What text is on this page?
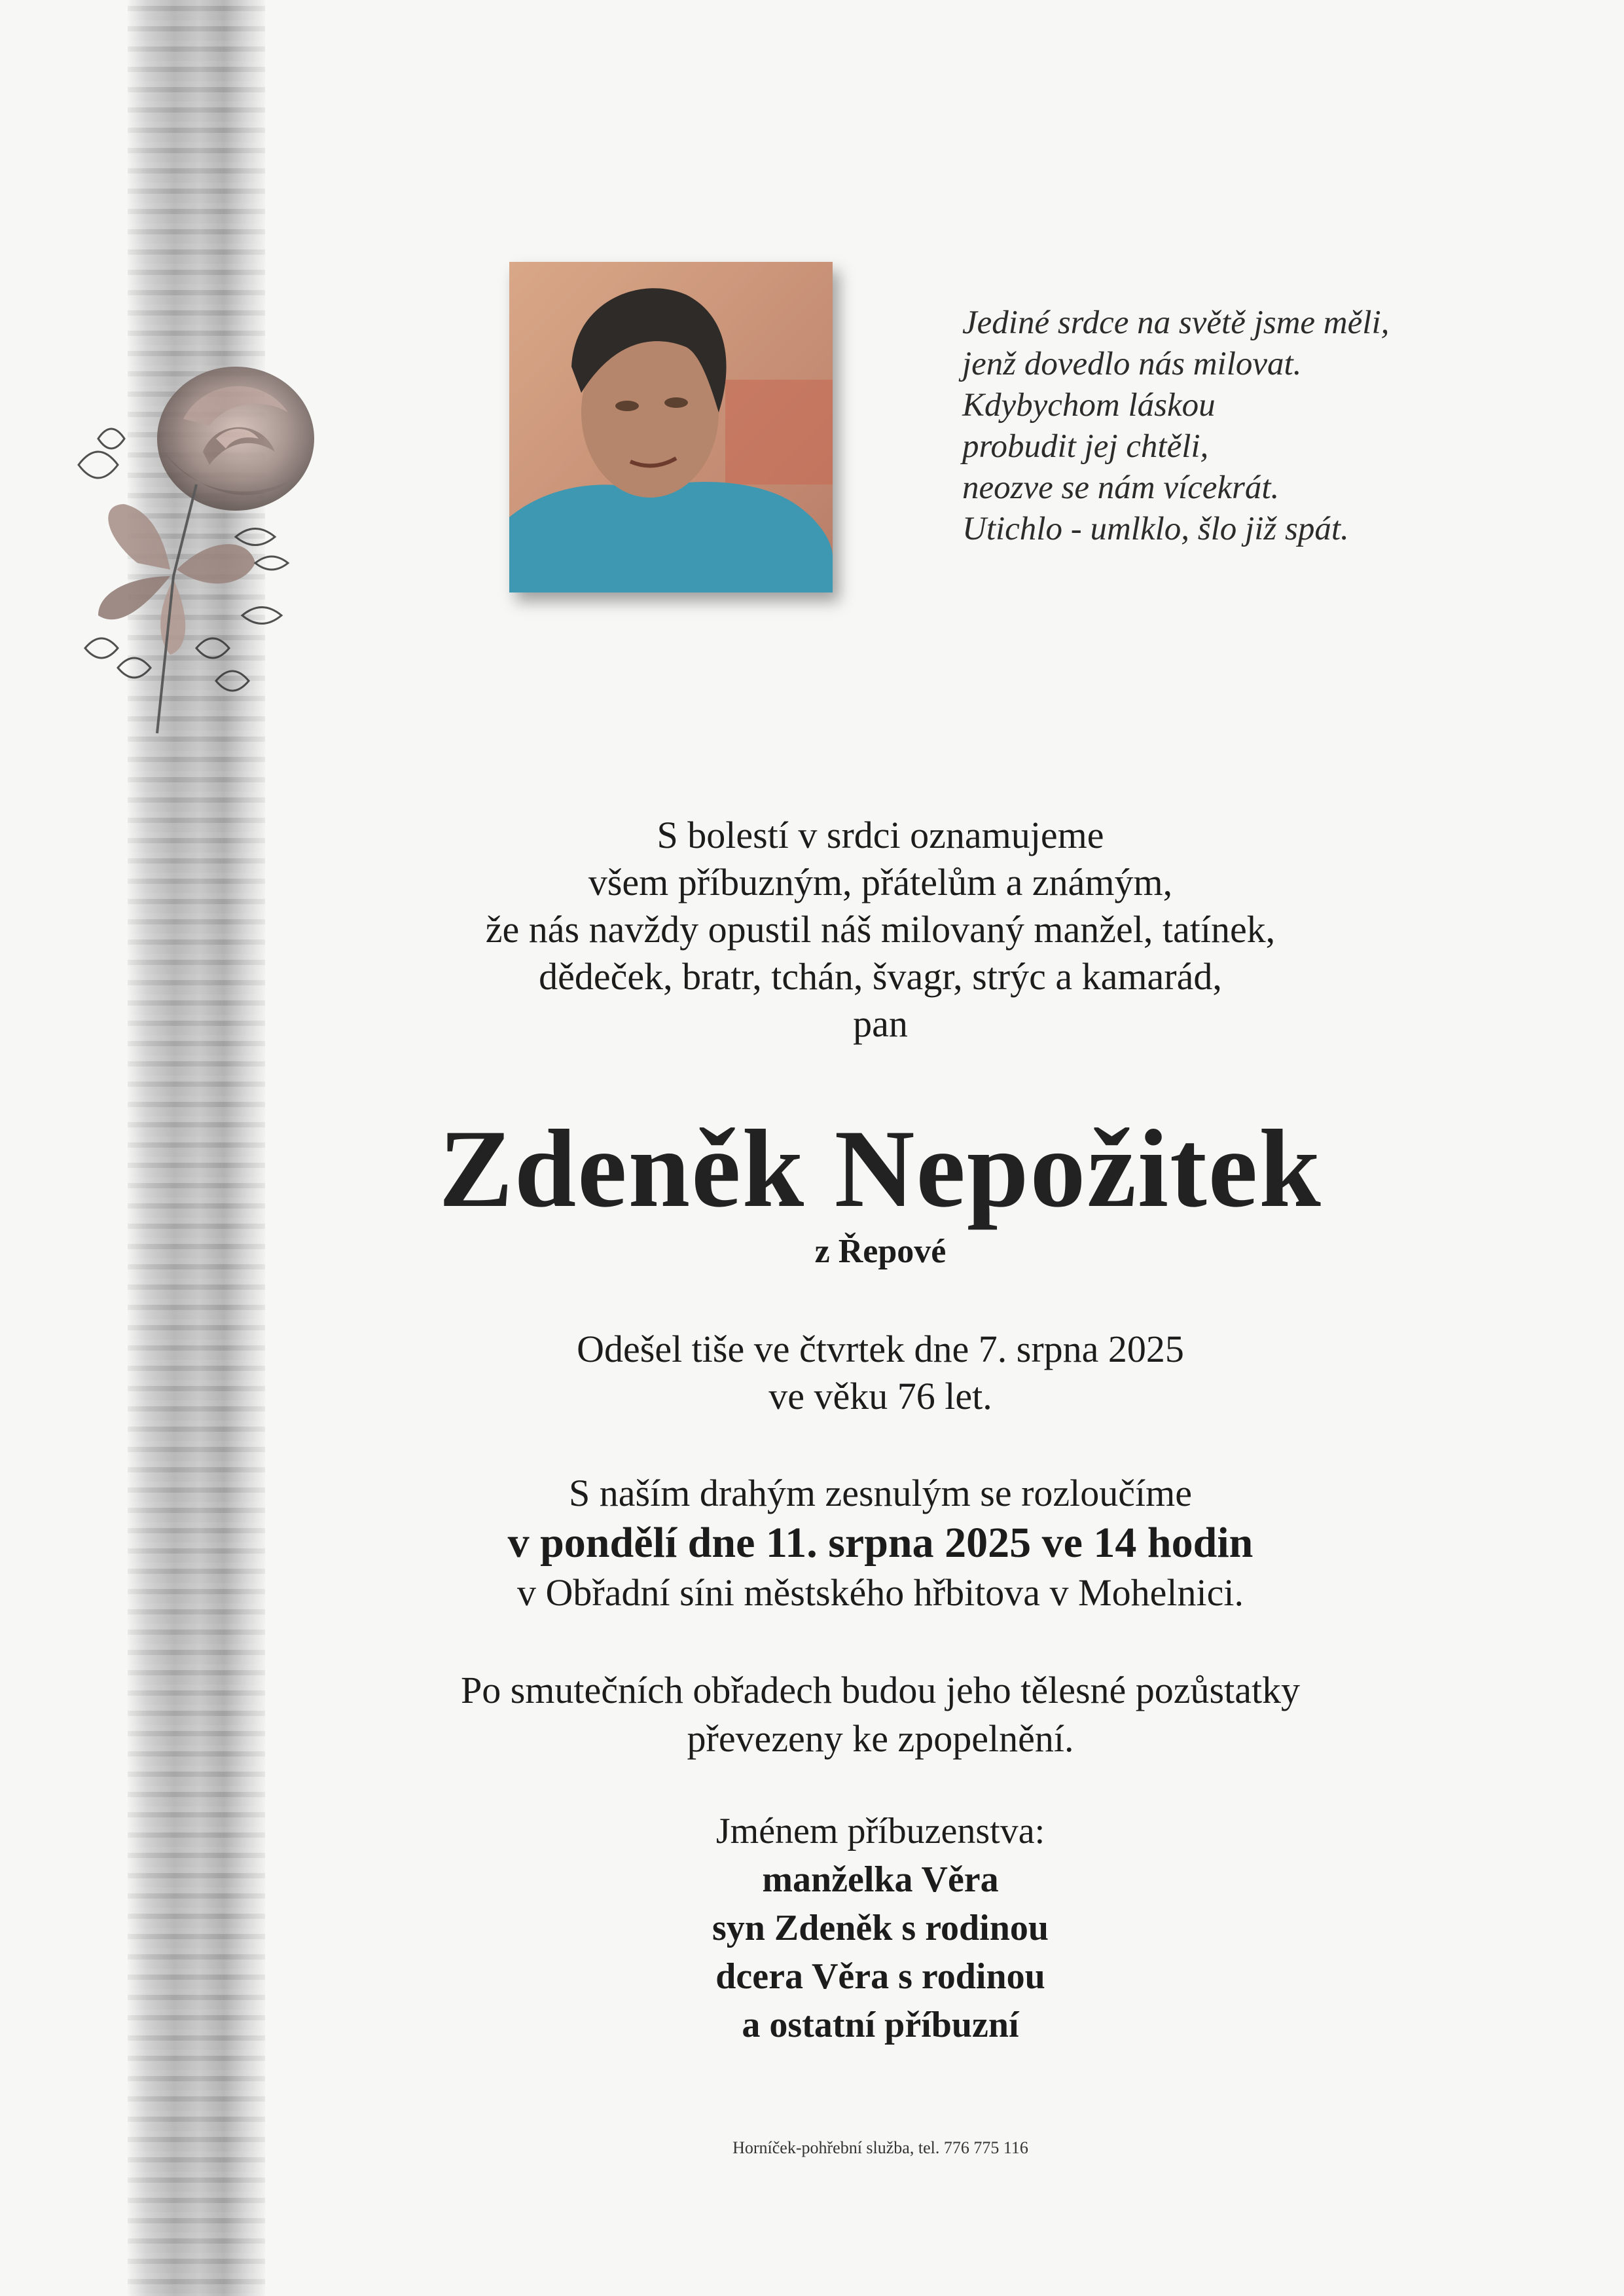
Jediné srdce na světě jsme měli,
jenž dovedlo nás milovat.
Kdybychom láskou
probudit jej chtěli,
neozve se nám vícekrát.
Utichlo - umlklo, šlo již spát.
S bolestí v srdci oznamujeme
všem příbuzným, přátelům a známým,
že nás navždy opustil náš milovaný manžel, tatínek,
dědeček, bratr, tchán, švagr, strýc a kamarád,
pan
Zdeněk Nepožitek
z Řepové
Odešel tiše ve čtvrtek dne 7. srpna 2025
ve věku 76 let.
S naším drahým zesnulým se rozloučíme
v pondělí dne 11. srpna 2025 ve 14 hodin
v Obřadní síni městského hřbitova v Mohelnici.
Po smutečních obřadech budou jeho tělesné pozůstatky
převezeny ke zpopelnění.
Jménem příbuzenstva:
manželka Věra
syn Zdeněk s rodinou
dcera Věra s rodinou
a ostatní příbuzní
Horníček-pohřební služba, tel. 776 775 116
